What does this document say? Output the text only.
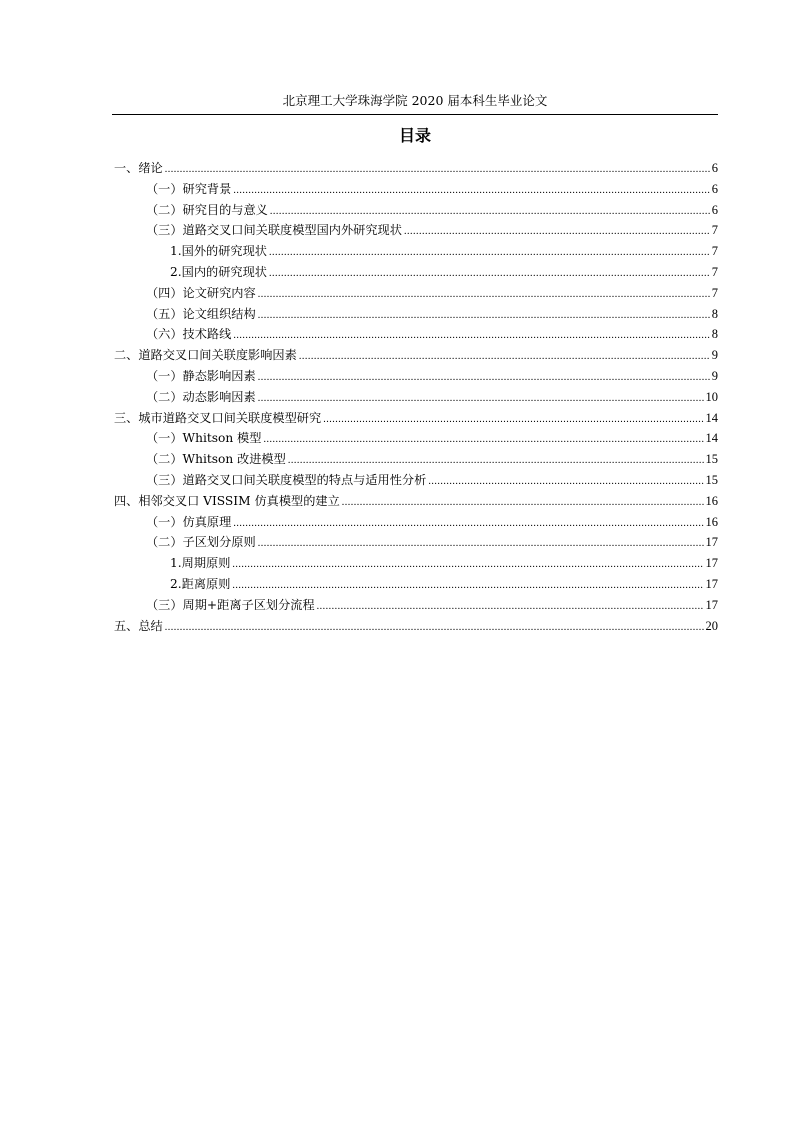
北京理工大学珠海学院 2020 届本科生毕业论文
目录
一、绪论 .....	6
（一）研究背景 .....	6
（二）研究目的与意义 .....	6
（三）道路交叉口间关联度模型国内外研究现状 .....	7
1.国外的研究现状 .....	7
2.国内的研究现状 .....	7
（四）论文研究内容 .....	7
（五）论文组织结构 .....	8
（六）技术路线 .....	8
二、道路交叉口间关联度影响因素 .....	9
（一）静态影响因素 .....	9
（二）动态影响因素 .....	10
三、城市道路交叉口间关联度模型研究 .....	14
（一）Whitson 模型 .....	14
（二）Whitson 改进模型 .....	15
（三）道路交叉口间关联度模型的特点与适用性分析 .....	15
四、相邻交叉口 VISSIM 仿真模型的建立 .....	16
（一）仿真原理 .....	16
（二）子区划分原则 .....	17
1.周期原则 .....	17
2.距离原则 .....	17
（三）周期+距离子区划分流程 .....	17
五、总结 .....	20
